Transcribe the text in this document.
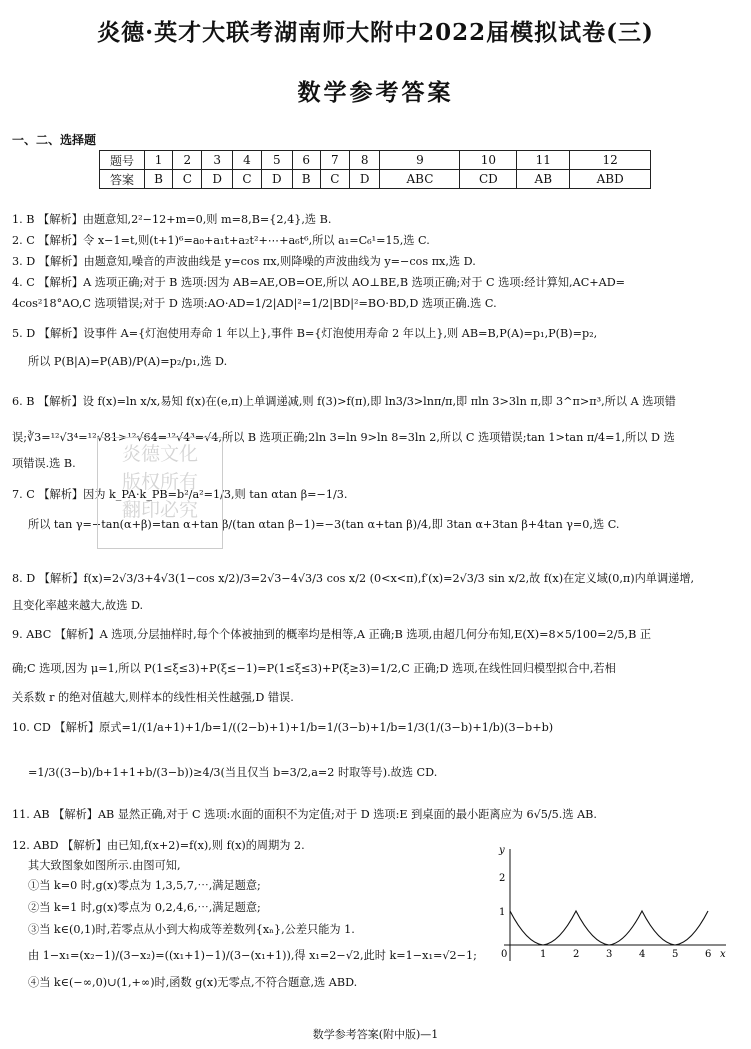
炎德·英才大联考湖南师大附中2022届模拟试卷(三)
数学参考答案
一、二、选择题
题号	1	2	3	4	5	6	7	8	9	10	11	12
答案	B	C	D	C	D	B	C	D	ABC	CD	AB	ABD
1. B 【解析】由题意知,2²−12+m=0,则 m=8,B={2,4},选 B.
2. C 【解析】令 x−1=t,则(t+1)⁶=a₀+a₁t+a₂t²+⋯+a₆t⁶,所以 a₁=C₆¹=15,选 C.
3. D 【解析】由题意知,噪音的声波曲线是 y=cos πx,则降噪的声波曲线为 y=−cos πx,选 D.
4. C 【解析】A 选项正确;对于 B 选项:因为 AB=AE,OB=OE,所以 AO⊥BE,B 选项正确;对于 C 选项:经计算知,AC+AD=
4cos²18°AO,C 选项错误;对于 D 选项:AO·AD=1/2|AD|²=1/2|BD|²=BO·BD,D 选项正确.选 C.
5. D 【解析】设事件 A={灯泡使用寿命 1 年以上},事件 B={灯泡使用寿命 2 年以上},则 AB=B,P(A)=p₁,P(B)=p₂,
所以 P(B|A)=P(AB)/P(A)=p₂/p₁,选 D.
6. B 【解析】设 f(x)=ln x/x,易知 f(x)在(e,π)上单调递减,则 f(3)>f(π),即 ln3/3>lnπ/π,即 πln 3>3ln π,即 3^π>π³,所以 A 选项错
误;∛3=¹²√3⁴=¹²√81>¹²√64=¹²√4³=√4,所以 B 选项正确;2ln 3=ln 9>ln 8=3ln 2,所以 C 选项错误;tan 1>tan π/4=1,所以 D 选
项错误.选 B.
7. C 【解析】因为 k_PA·k_PB=b²/a²=1/3,则 tan αtan β=−1/3.
所以 tan γ=−tan(α+β)=tan α+tan β/(tan αtan β−1)=−3(tan α+tan β)/4,即 3tan α+3tan β+4tan γ=0,选 C.
8. D 【解析】f(x)=2√3/3+4√3(1−cos x/2)/3=2√3−4√3/3 cos x/2 (0<x<π),f′(x)=2√3/3 sin x/2,故 f(x)在定义域(0,π)内单调递增,
且变化率越来越大,故选 D.
9. ABC 【解析】A 选项,分层抽样时,每个个体被抽到的概率均是相等,A 正确;B 选项,由超几何分布知,E(X)=8×5/100=2/5,B 正
确;C 选项,因为 μ=1,所以 P(1≤ξ≤3)+P(ξ≤−1)=P(1≤ξ≤3)+P(ξ≥3)=1/2,C 正确;D 选项,在线性回归模型拟合中,若相
关系数 r 的绝对值越大,则样本的线性相关性越强,D 错误.
10. CD 【解析】原式=1/(1/a+1)+1/b=1/((2−b)+1)+1/b=1/(3−b)+1/b=1/3(1/(3−b)+1/b)(3−b+b)
=1/3((3−b)/b+1+1+b/(3−b))≥4/3(当且仅当 b=3/2,a=2 时取等号).故选 CD.
11. AB 【解析】AB 显然正确,对于 C 选项:水面的面积不为定值;对于 D 选项:E 到桌面的最小距离应为 6√5/5.选 AB.
12. ABD 【解析】由已知,f(x+2)=f(x),则 f(x)的周期为 2.
其大致图象如图所示.由图可知,
①当 k=0 时,g(x)零点为 1,3,5,7,⋯,满足题意;
②当 k=1 时,g(x)零点为 0,2,4,6,⋯,满足题意;
③当 k∈(0,1)时,若零点从小到大构成等差数列{xₙ},公差只能为 1.
由 1−x₁=(x₂−1)/(3−x₂)=((x₁+1)−1)/(3−(x₁+1)),得 x₁=2−√2,此时 k=1−x₁=√2−1;
④当 k∈(−∞,0)∪(1,+∞)时,函数 g(x)无零点,不符合题意,选 ABD.
炎德文化
版权所有
翻印必究
0	1	2	3	4	5	6
1
2
x
y
数学参考答案(附中版)—1
